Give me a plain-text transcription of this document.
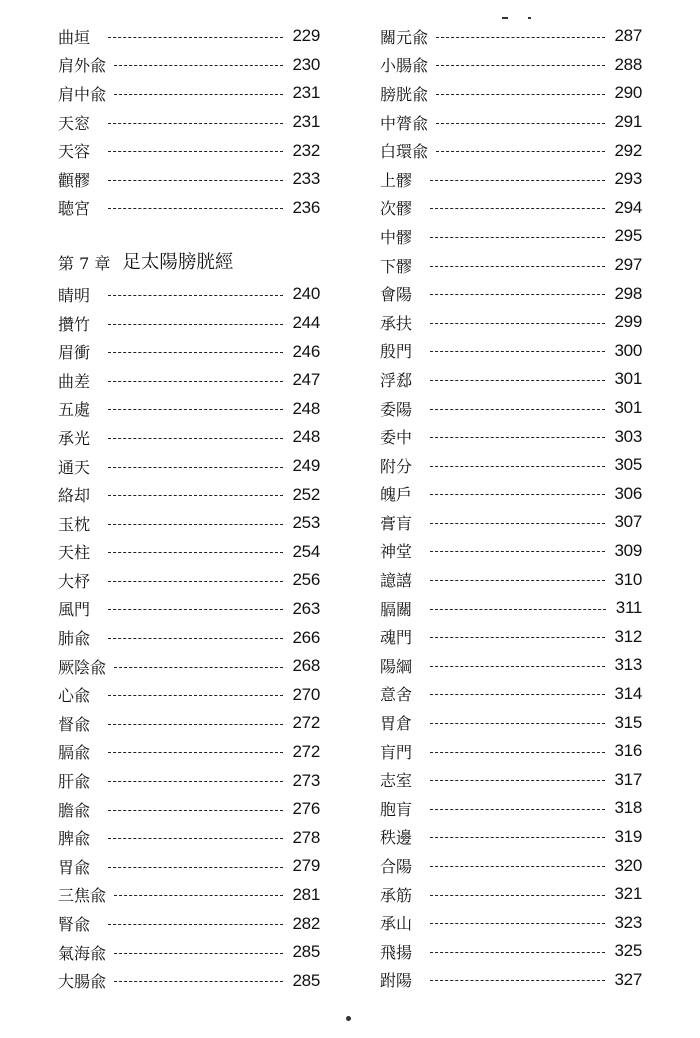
曲垣	229
肩外兪	230
肩中兪	231
天窓	231
天容	232
顴髎	233
聴宮	236
第 7 章 足太陽膀胱經
睛明	240
攢竹	244
眉衝	246
曲差	247
五處	248
承光	248
通天	249
絡却	252
玉枕	253
天柱	254
大杼	256
風門	263
肺兪	266
厥陰兪	268
心兪	270
督兪	272
膈兪	272
肝兪	273
膽兪	276
脾兪	278
胃兪	279
三焦兪	281
腎兪	282
氣海兪	285
大腸兪	285
關元兪	287
小腸兪	288
膀胱兪	290
中膂兪	291
白環兪	292
上髎	293
次髎	294
中髎	295
下髎	297
會陽	298
承扶	299
殷門	300
浮郄	301
委陽	301
委中	303
附分	305
魄戶	306
膏肓	307
神堂	309
譩譆	310
膈關	311
魂門	312
陽綱	313
意舍	314
胃倉	315
肓門	316
志室	317
胞肓	318
秩邊	319
合陽	320
承筋	321
承山	323
飛揚	325
跗陽	327
